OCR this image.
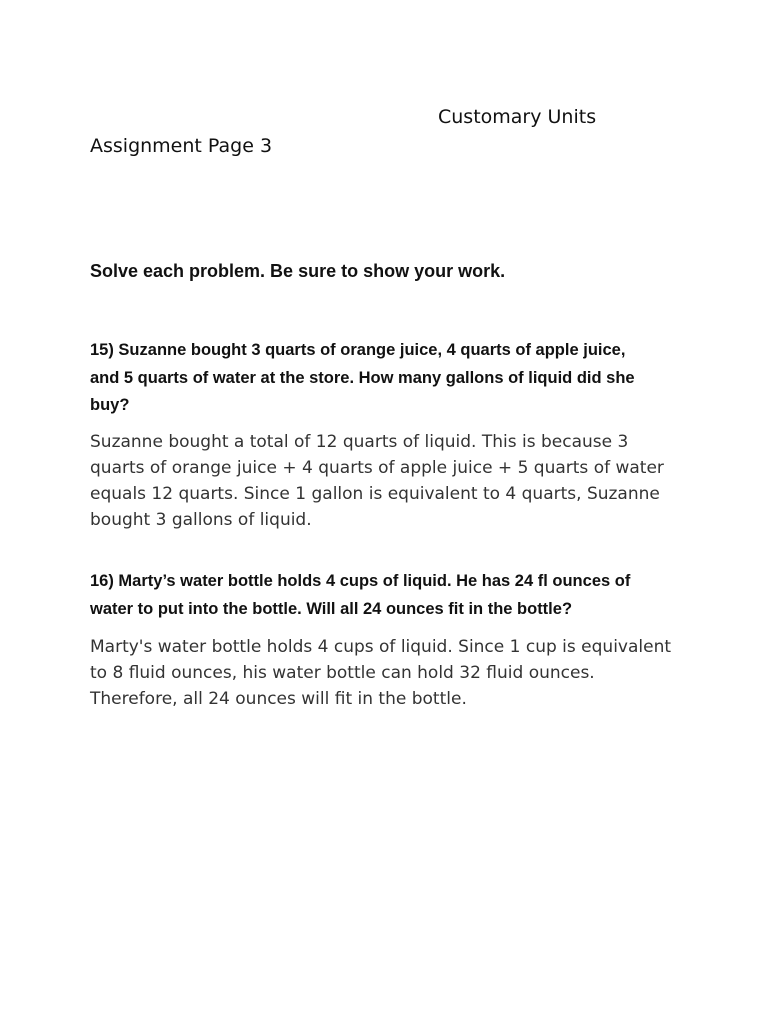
Customary Units
Assignment Page 3
Solve each problem. Be sure to show your work.
15) Suzanne bought 3 quarts of orange juice, 4 quarts of apple juice,
and 5 quarts of water at the store. How many gallons of liquid did she
buy?
Suzanne bought a total of 12 quarts of liquid. This is because 3
quarts of orange juice + 4 quarts of apple juice + 5 quarts of water
equals 12 quarts. Since 1 gallon is equivalent to 4 quarts, Suzanne
bought 3 gallons of liquid.
16) Marty’s water bottle holds 4 cups of liquid. He has 24 fl ounces of
water to put into the bottle. Will all 24 ounces fit in the bottle?
Marty's water bottle holds 4 cups of liquid. Since 1 cup is equivalent
to 8 fluid ounces, his water bottle can hold 32 fluid ounces.
Therefore, all 24 ounces will fit in the bottle.
